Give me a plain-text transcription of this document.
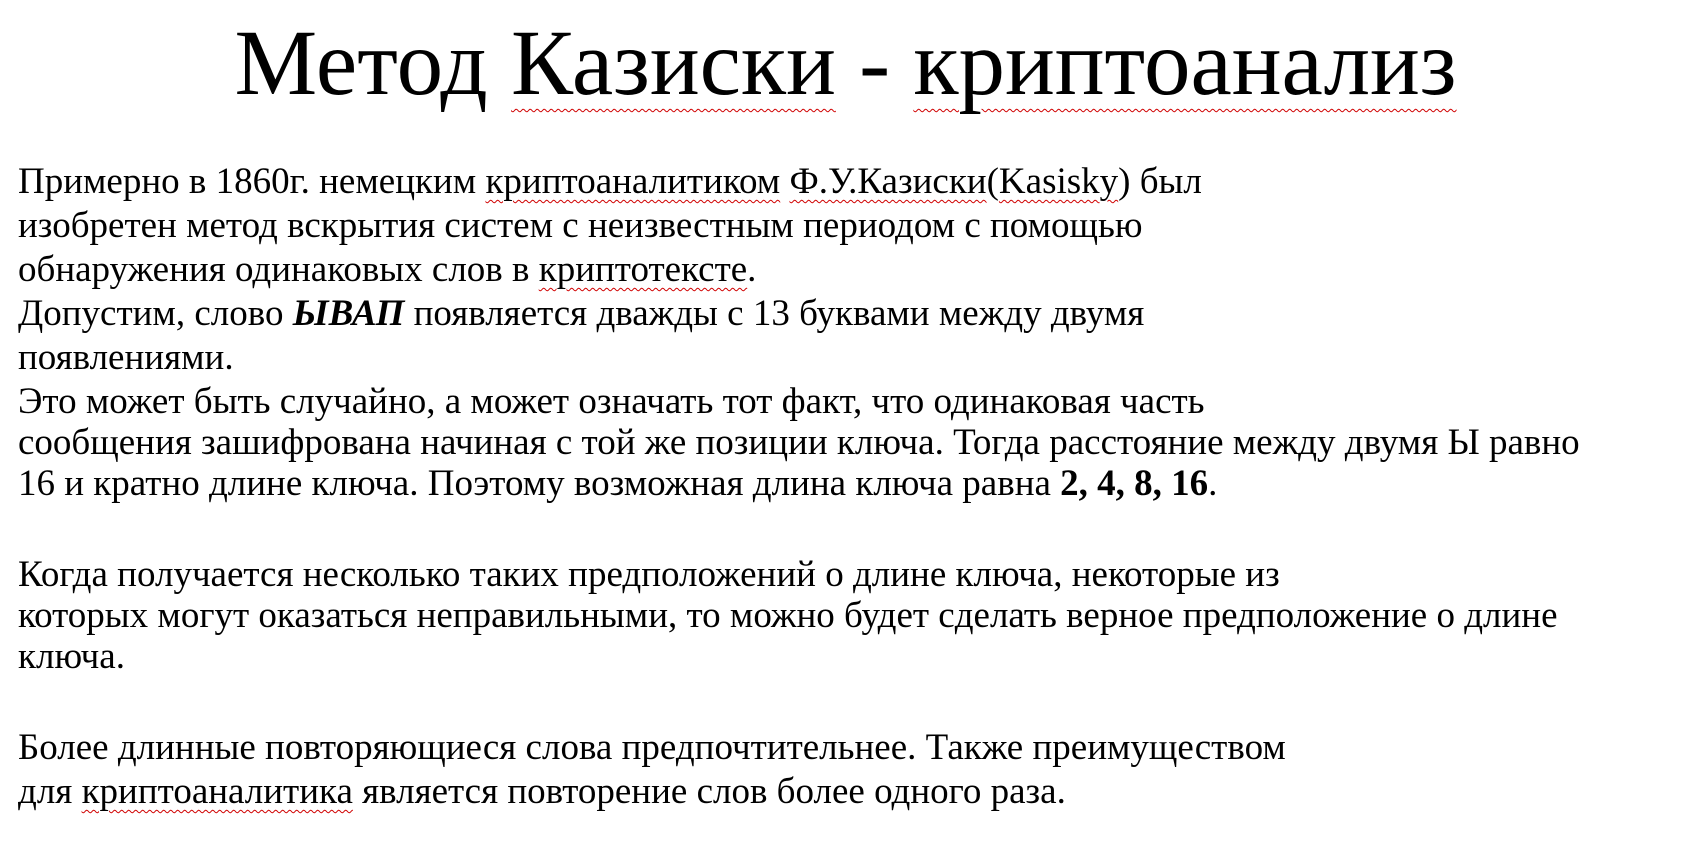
Метод Казиски - криптоанализ
Примерно в 1860г. немецким криптоаналитиком Ф.У.Казиски(Kasisky) был
изобретен метод вскрытия систем с неизвестным периодом с помощью
обнаружения одинаковых слов в криптотексте.
Допустим, слово ЫВАП появляется дважды с 13 буквами между двумя
появлениями.
Это может быть случайно, а может означать тот факт, что одинаковая часть
сообщения зашифрована начиная с той же позиции ключа. Тогда расстояние между двумя Ы равно
16 и кратно длине ключа. Поэтому возможная длина ключа равна 2, 4, 8, 16.
Когда получается несколько таких предположений о длине ключа, некоторые из
которых могут оказаться неправильными, то можно будет сделать верное предположение о длине
ключа.
Более длинные повторяющиеся слова предпочтительнее. Также преимуществом
для криптоаналитика является повторение слов более одного раза.
